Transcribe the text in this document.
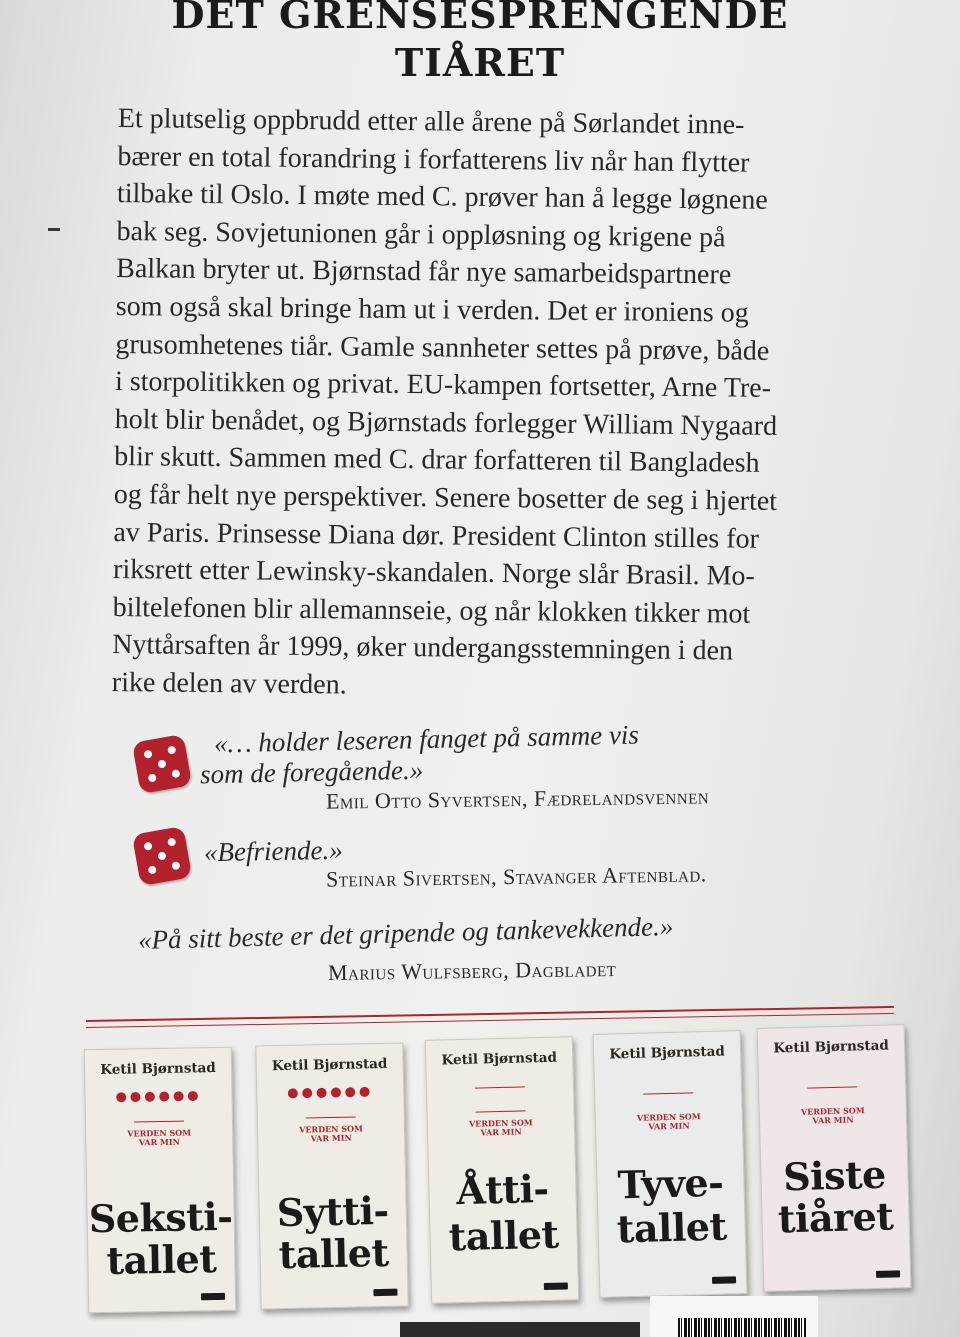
DET GRENSESPRENGENDE
TIÅRET
Et plutselig oppbrudd etter alle årene på Sørlandet inne-
bærer en total forandring i forfatterens liv når han flytter
tilbake til Oslo. I møte med C. prøver han å legge løgnene
bak seg. Sovjetunionen går i oppløsning og krigene på
Balkan bryter ut. Bjørnstad får nye samarbeidspartnere
som også skal bringe ham ut i verden. Det er ironiens og
grusomhetenes tiår. Gamle sannheter settes på prøve, både
i storpolitikken og privat. EU-kampen fortsetter, Arne Tre-
holt blir benådet, og Bjørnstads forlegger William Nygaard
blir skutt. Sammen med C. drar forfatteren til Bangladesh
og får helt nye perspektiver. Senere bosetter de seg i hjertet
av Paris. Prinsesse Diana dør. President Clinton stilles for
riksrett etter Lewinsky-skandalen. Norge slår Brasil. Mo-
biltelefonen blir allemannseie, og når klokken tikker mot
Nyttårsaften år 1999, øker undergangsstemningen i den
rike delen av verden.
«… holder leseren fanget på samme vis
som de foregående.»
Emil Otto Syvertsen, Fædrelandsvennen
«Befriende.»
Steinar Sivertsen, Stavanger Aftenblad.
«På sitt beste er det gripende og tankevekkende.»
Marius Wulfsberg, Dagbladet
Ketil Bjørnstad
●●●●●●
VERDEN SOM
VAR MIN
Seksti-
tallet
Ketil Bjørnstad
●●●●●●
VERDEN SOM
VAR MIN
Sytti-
tallet
Ketil Bjørnstad
VERDEN SOM
VAR MIN
Åtti-
tallet
Ketil Bjørnstad
VERDEN SOM
VAR MIN
Tyve-
tallet
Ketil Bjørnstad
VERDEN SOM
VAR MIN
Siste
tiåret
